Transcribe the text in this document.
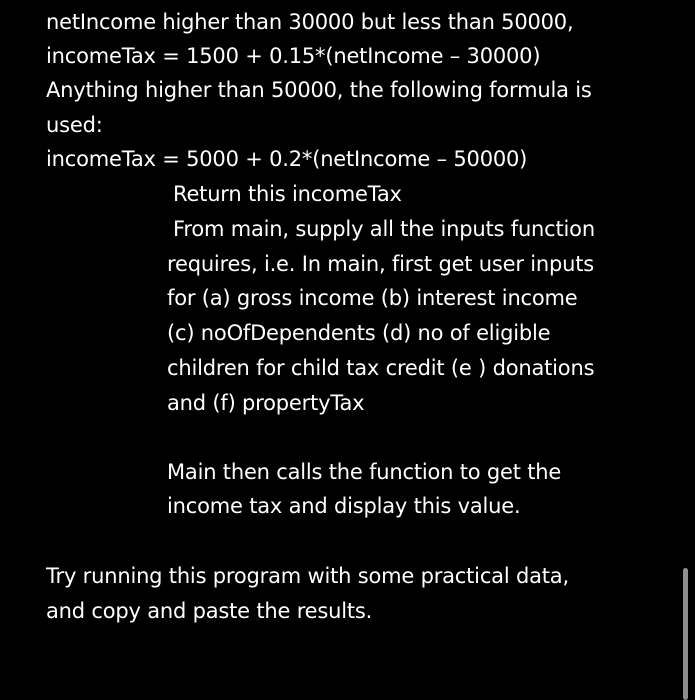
netIncome higher than 30000 but less than 50000,
incomeTax = 1500 + 0.15*(netIncome – 30000)
Anything higher than 50000, the following formula is
used:
incomeTax = 5000 + 0.2*(netIncome – 50000)
Return this incomeTax
From main, supply all the inputs function
requires, i.e. In main, first get user inputs
for (a) gross income (b) interest income
(c) noOfDependents (d) no of eligible
children for child tax credit (e ) donations
and (f) propertyTax
Main then calls the function to get the
income tax and display this value.
Try running this program with some practical data,
and copy and paste the results.
